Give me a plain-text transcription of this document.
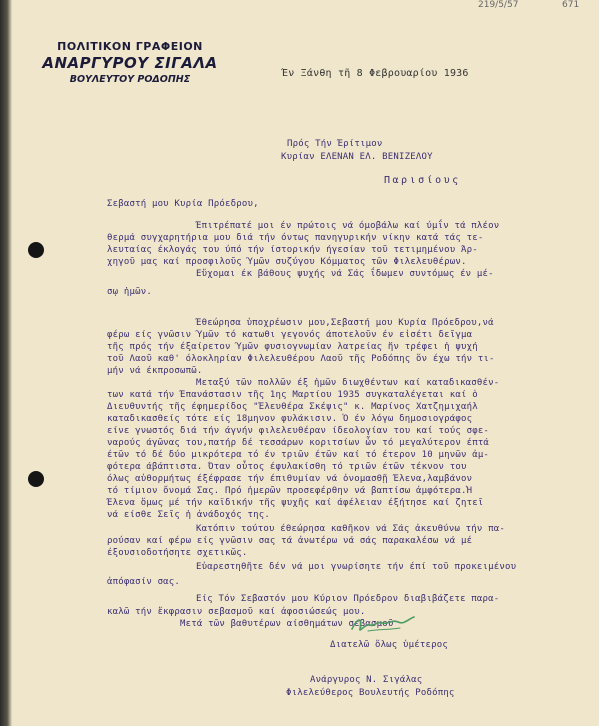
219/5/57	671
ΠΟΛΙΤΙΚΟΝ ΓΡΑΦΕΙΟΝ
ΑΝΑΡΓΥΡΟΥ ΣΙΓΑΛΑ
ΒΟΥΛΕΥΤΟΥ ΡΟΔΟΠΗΣ
Έν Ξάνθη τῆ 8 Φεβρουαρίου 1936
Πρός Τήν Έρίτιμον
Κυρίαν ΕΛΕΝΑΝ ΕΛ. ΒΕΝΙΖΕΛΟΥ
Παρισίους
Σεβαστή μου Κυρία Πρόεδρου,
Έπιτρέπατέ μοι έν πρώτοις νά όμοβάλω καί ύμΐν τά πλέον
θερμά συγχαρητήρια μου διά τήν όντως πανηγυρικήν νίκην κατά τάς τε-
λευταίας έκλογάς του ύπό τήν ίστορικήν ήγεσίαν τοῦ τετιμημένου Άρ-
χηγοῦ μας καί προσφιλοῦς Ύμῶν συζύγου Κόμματος τῶν Φιλελευθέρων.
Εὔχομαι έκ βάθους ψυχής νά Σάς ΐδωμεν συντόμως έν μέ-
σῳ ἡμῶν.
Έθεώρησα ὑποχρέωσιν μου,Σεβαστή μου Κυρία Πρόεδρου,νά
φέρω είς γνῶσιν Ύμῶν τό κατωθι γεγονός άποτελοῦν έν εἰσέτι δεῖγμα
τῆς πρός τήν έξαίρετον Ύμῶν φυσιογνωμίαν λατρείας ἥν τρέφει ἡ ψυχή
τοῦ Λαοῦ καθ' όλοκληρίαν Φιλελευθέρου Λαοῦ τῆς Ροδόπης ὅν έχω τήν τι-
μήν νά έκπροσωπῶ.
Μεταξύ τῶν πολλῶν έξ ἡμῶν διωχθέντων καί καταδικασθέν-
των κατά τήν Έπανάστασιν τῆς 1ης Μαρτίου 1935 συγκαταλέγεται καί ὁ
Διευθυντής τῆς έφημερίδος "Έλευθέρα Σκέψις" κ. Μαρίνος Χατζημιχαήλ
καταδικασθείς τότε είς 18μηνον φυλάκισιν. Ὁ έν λόγω δημοσιογράφος
είνε γνωστός διά τήν άγνήν φιλελευθέραν ίδεολογίαν του καί τούς σφε-
ναρούς άγῶνας του,πατήρ δέ τεσσάρων κοριτσίων ὧν τό μεγαλύτερον έπτά
έτῶν τό δέ δύο μικρότερα τό έν τριῶν έτῶν καί τό έτερον 10 μηνῶν ἀμ-
φότερα άβάπτιστα. Όταν οὗτος έφυλακίσθη τό τριῶν έτῶν τέκνον του
όλως αὐθορμήτως έξέφρασε τήν έπιθυμίαν νά ὀνομασθῇ Έλενα,λαμβάνον
τό τίμιον ὄνομά Σας. Πρό ἡμερῶν προσεφέρθην νά βαπτίσω ἀμφότερα.Ἡ
Έλενα ὅμως μέ τήν καϊδικήν τῆς ψυχῆς καί άφέλειαν έξήτησε καί ζητεῖ
νά είσθε Σεῖς ἡ ἀνάδοχός της.
Κατόπιν τούτου έθεώρησα καθῆκον νά Σάς ἀκευθύνω τήν πα-
ρούσαν καί φέρω είς γνῶσιν σας τά ἀνωτέρω νά σάς παρακαλέσω νά μέ
έξουσιοδοτήσητε σχετικῶς.
Εὐαρεστηθῆτε δέν νά μοι γνωρίσητε τήν έπί τοῦ προκειμένου
ἀπόφασίν σας.
Είς Τόν Σεβαστόν μου Κύριον Πρόεδρον διαβιβάζετε παρα-
καλῶ τήν ἔκφρασιν σεβασμοῦ καί ἀφοσιώσεώς μου.
Μετά τῶν βαθυτέρων αίσθημάτων σεβασμοῦ
Διατελῶ ὅλως ὑμέτερος
Ανάργυρος Ν. Σιγάλας
Φιλελεύθερος Βουλευτής Ροδόπης
